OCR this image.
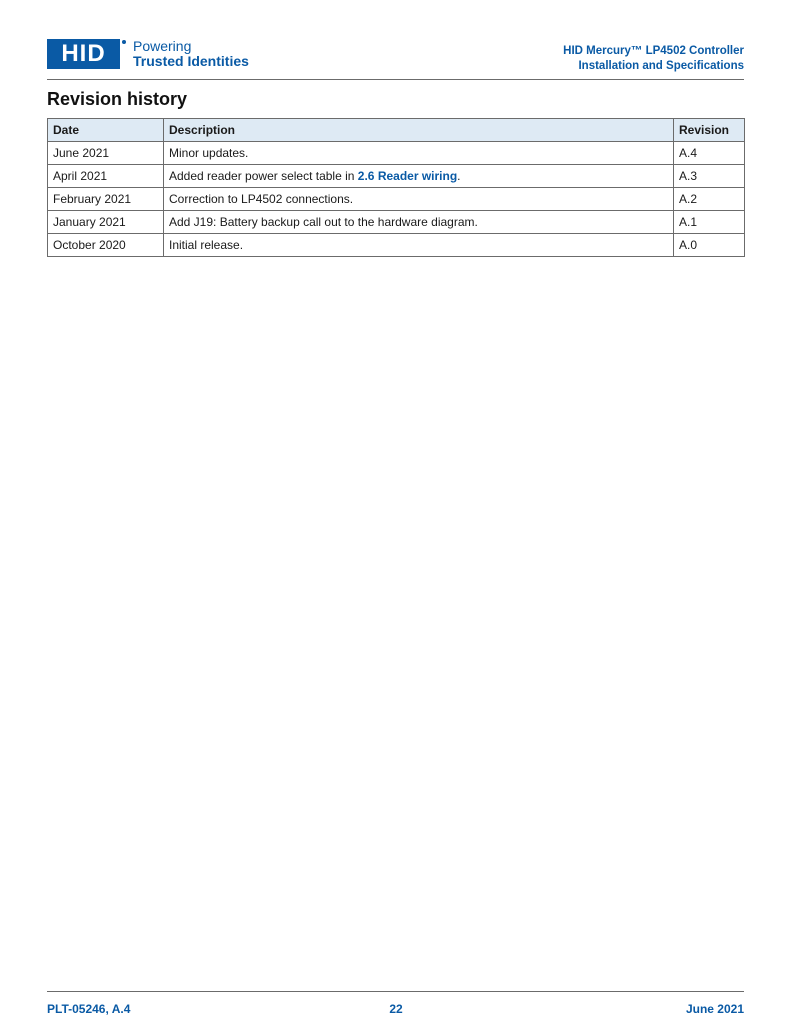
HID	Powering
Trusted Identities
HID Mercury™ LP4502 Controller
Installation and Specifications
Revision history
Date	Description	Revision
June 2021	Minor updates.	A.4
April 2021	Added reader power select table in 2.6 Reader wiring.	A.3
February 2021	Correction to LP4502 connections.	A.2
January 2021	Add J19: Battery backup call out to the hardware diagram.	A.1
October 2020	Initial release.	A.0
PLT-05246, A.4	22	June 2021
